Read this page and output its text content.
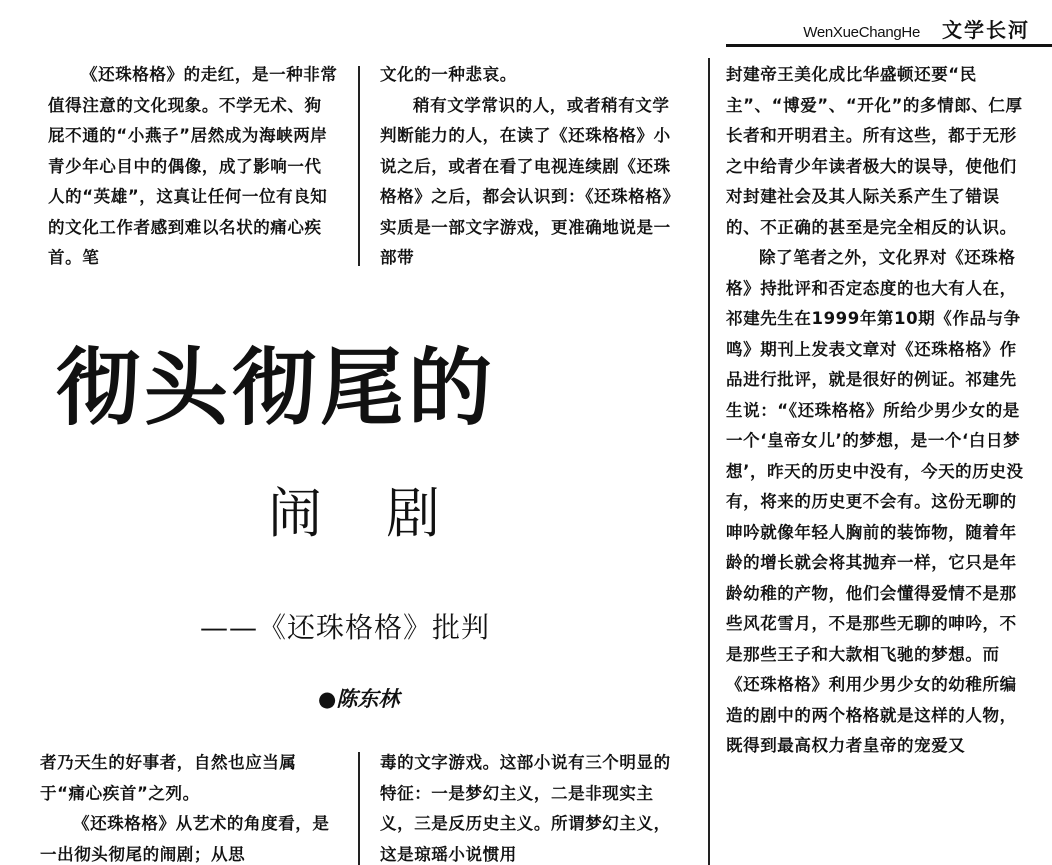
WenXueChangHe 文学长河

《还珠格格》的走红，是一种非常值得注意的文化现象。不学无术、狗屁不通的“小燕子”居然成为海峡两岸青少年心目中的偶像，成了影响一代人的“英雄”，这真让任何一位有良知的文化工作者感到难以名状的痛心疾首。笔

文化的一种悲哀。

稍有文学常识的人，或者稍有文学判断能力的人，在读了《还珠格格》小说之后，或者在看了电视连续剧《还珠格格》之后，都会认识到：《还珠格格》实质是一部文字游戏，更准确地说是一部带

彻头彻尾的
闹剧
——《还珠格格》批判
●陈东林

者乃天生的好事者，自然也应当属于“痛心疾首”之列。

《还珠格格》从艺术的角度看，是一出彻头彻尾的闹剧；从思

毒的文字游戏。这部小说有三个明显的特征：一是梦幻主义，二是非现实主义，三是反历史主义。所谓梦幻主义，这是琼瑶小说惯用

封建帝王美化成比华盛顿还要“民主”、“博爱”、“开化”的多情郎、仁厚长者和开明君主。所有这些，都于无形之中给青少年读者极大的误导，使他们对封建社会及其人际关系产生了错误的、不正确的甚至是完全相反的认识。

除了笔者之外，文化界对《还珠格格》持批评和否定态度的也大有人在，祁建先生在1999年第10期《作品与争鸣》期刊上发表文章对《还珠格格》作品进行批评，就是很好的例证。祁建先生说：“《还珠格格》所给少男少女的是一个‘皇帝女儿’的梦想，是一个‘白日梦想’，昨天的历史中没有，今天的历史没有，将来的历史更不会有。这份无聊的呻吟就像年轻人胸前的装饰物，随着年龄的增长就会将其抛弃一样，它只是年龄幼稚的产物，他们会懂得爱情不是那些风花雪月，不是那些无聊的呻吟，不是那些王子和大款相飞驰的梦想。而《还珠格格》利用少男少女的幼稚所编造的剧中的两个格格就是这样的人物，既得到最高权力者皇帝的宠爱又
